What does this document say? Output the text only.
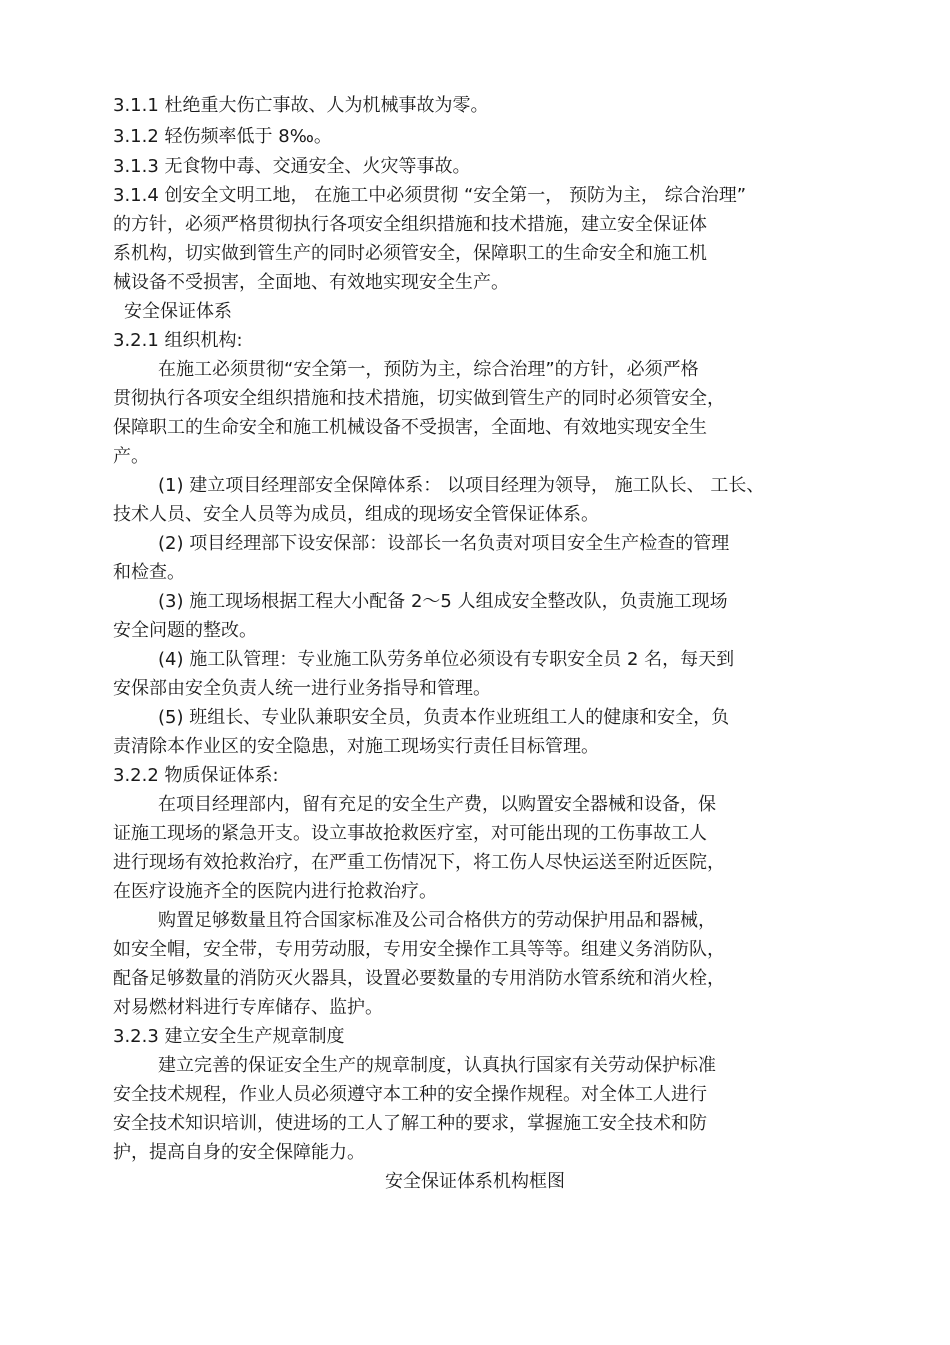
3.1.1 杜绝重大伤亡事故、人为机械事故为零。
3.1.2 轻伤频率低于 8‰。
3.1.3 无食物中毒、交通安全、火灾等事故。
3.1.4 创安全文明工地， 在施工中必须贯彻 “安全第一， 预防为主， 综合治理”
的方针，必须严格贯彻执行各项安全组织措施和技术措施，建立安全保证体
系机构，切实做到管生产的同时必须管安全，保障职工的生命安全和施工机
械设备不受损害，全面地、有效地实现安全生产。
安全保证体系
3.2.1 组织机构:
在施工必须贯彻“安全第一，预防为主，综合治理”的方针，必须严格
贯彻执行各项安全组织措施和技术措施，切实做到管生产的同时必须管安全，
保障职工的生命安全和施工机械设备不受损害，全面地、有效地实现安全生
产。
(1) 建立项目经理部安全保障体系： 以项目经理为领导， 施工队长、 工长、
技术人员、安全人员等为成员，组成的现场安全管保证体系。
(2) 项目经理部下设安保部：设部长一名负责对项目安全生产检查的管理
和检查。
(3) 施工现场根据工程大小配备 2～5 人组成安全整改队，负责施工现场
安全问题的整改。
(4) 施工队管理：专业施工队劳务单位必须设有专职安全员 2 名，每天到
安保部由安全负责人统一进行业务指导和管理。
(5) 班组长、专业队兼职安全员，负责本作业班组工人的健康和安全，负
责清除本作业区的安全隐患，对施工现场实行责任目标管理。
3.2.2 物质保证体系:
在项目经理部内，留有充足的安全生产费，以购置安全器械和设备，保
证施工现场的紧急开支。设立事故抢救医疗室，对可能出现的工伤事故工人
进行现场有效抢救治疗，在严重工伤情况下，将工伤人尽快运送至附近医院，
在医疗设施齐全的医院内进行抢救治疗。
购置足够数量且符合国家标准及公司合格供方的劳动保护用品和器械，
如安全帽，安全带，专用劳动服，专用安全操作工具等等。组建义务消防队，
配备足够数量的消防灭火器具，设置必要数量的专用消防水管系统和消火栓，
对易燃材料进行专库储存、监护。
3.2.3 建立安全生产规章制度
建立完善的保证安全生产的规章制度，认真执行国家有关劳动保护标准
安全技术规程，作业人员必须遵守本工种的安全操作规程。对全体工人进行
安全技术知识培训，使进场的工人了解工种的要求，掌握施工安全技术和防
护，提高自身的安全保障能力。
安全保证体系机构框图
